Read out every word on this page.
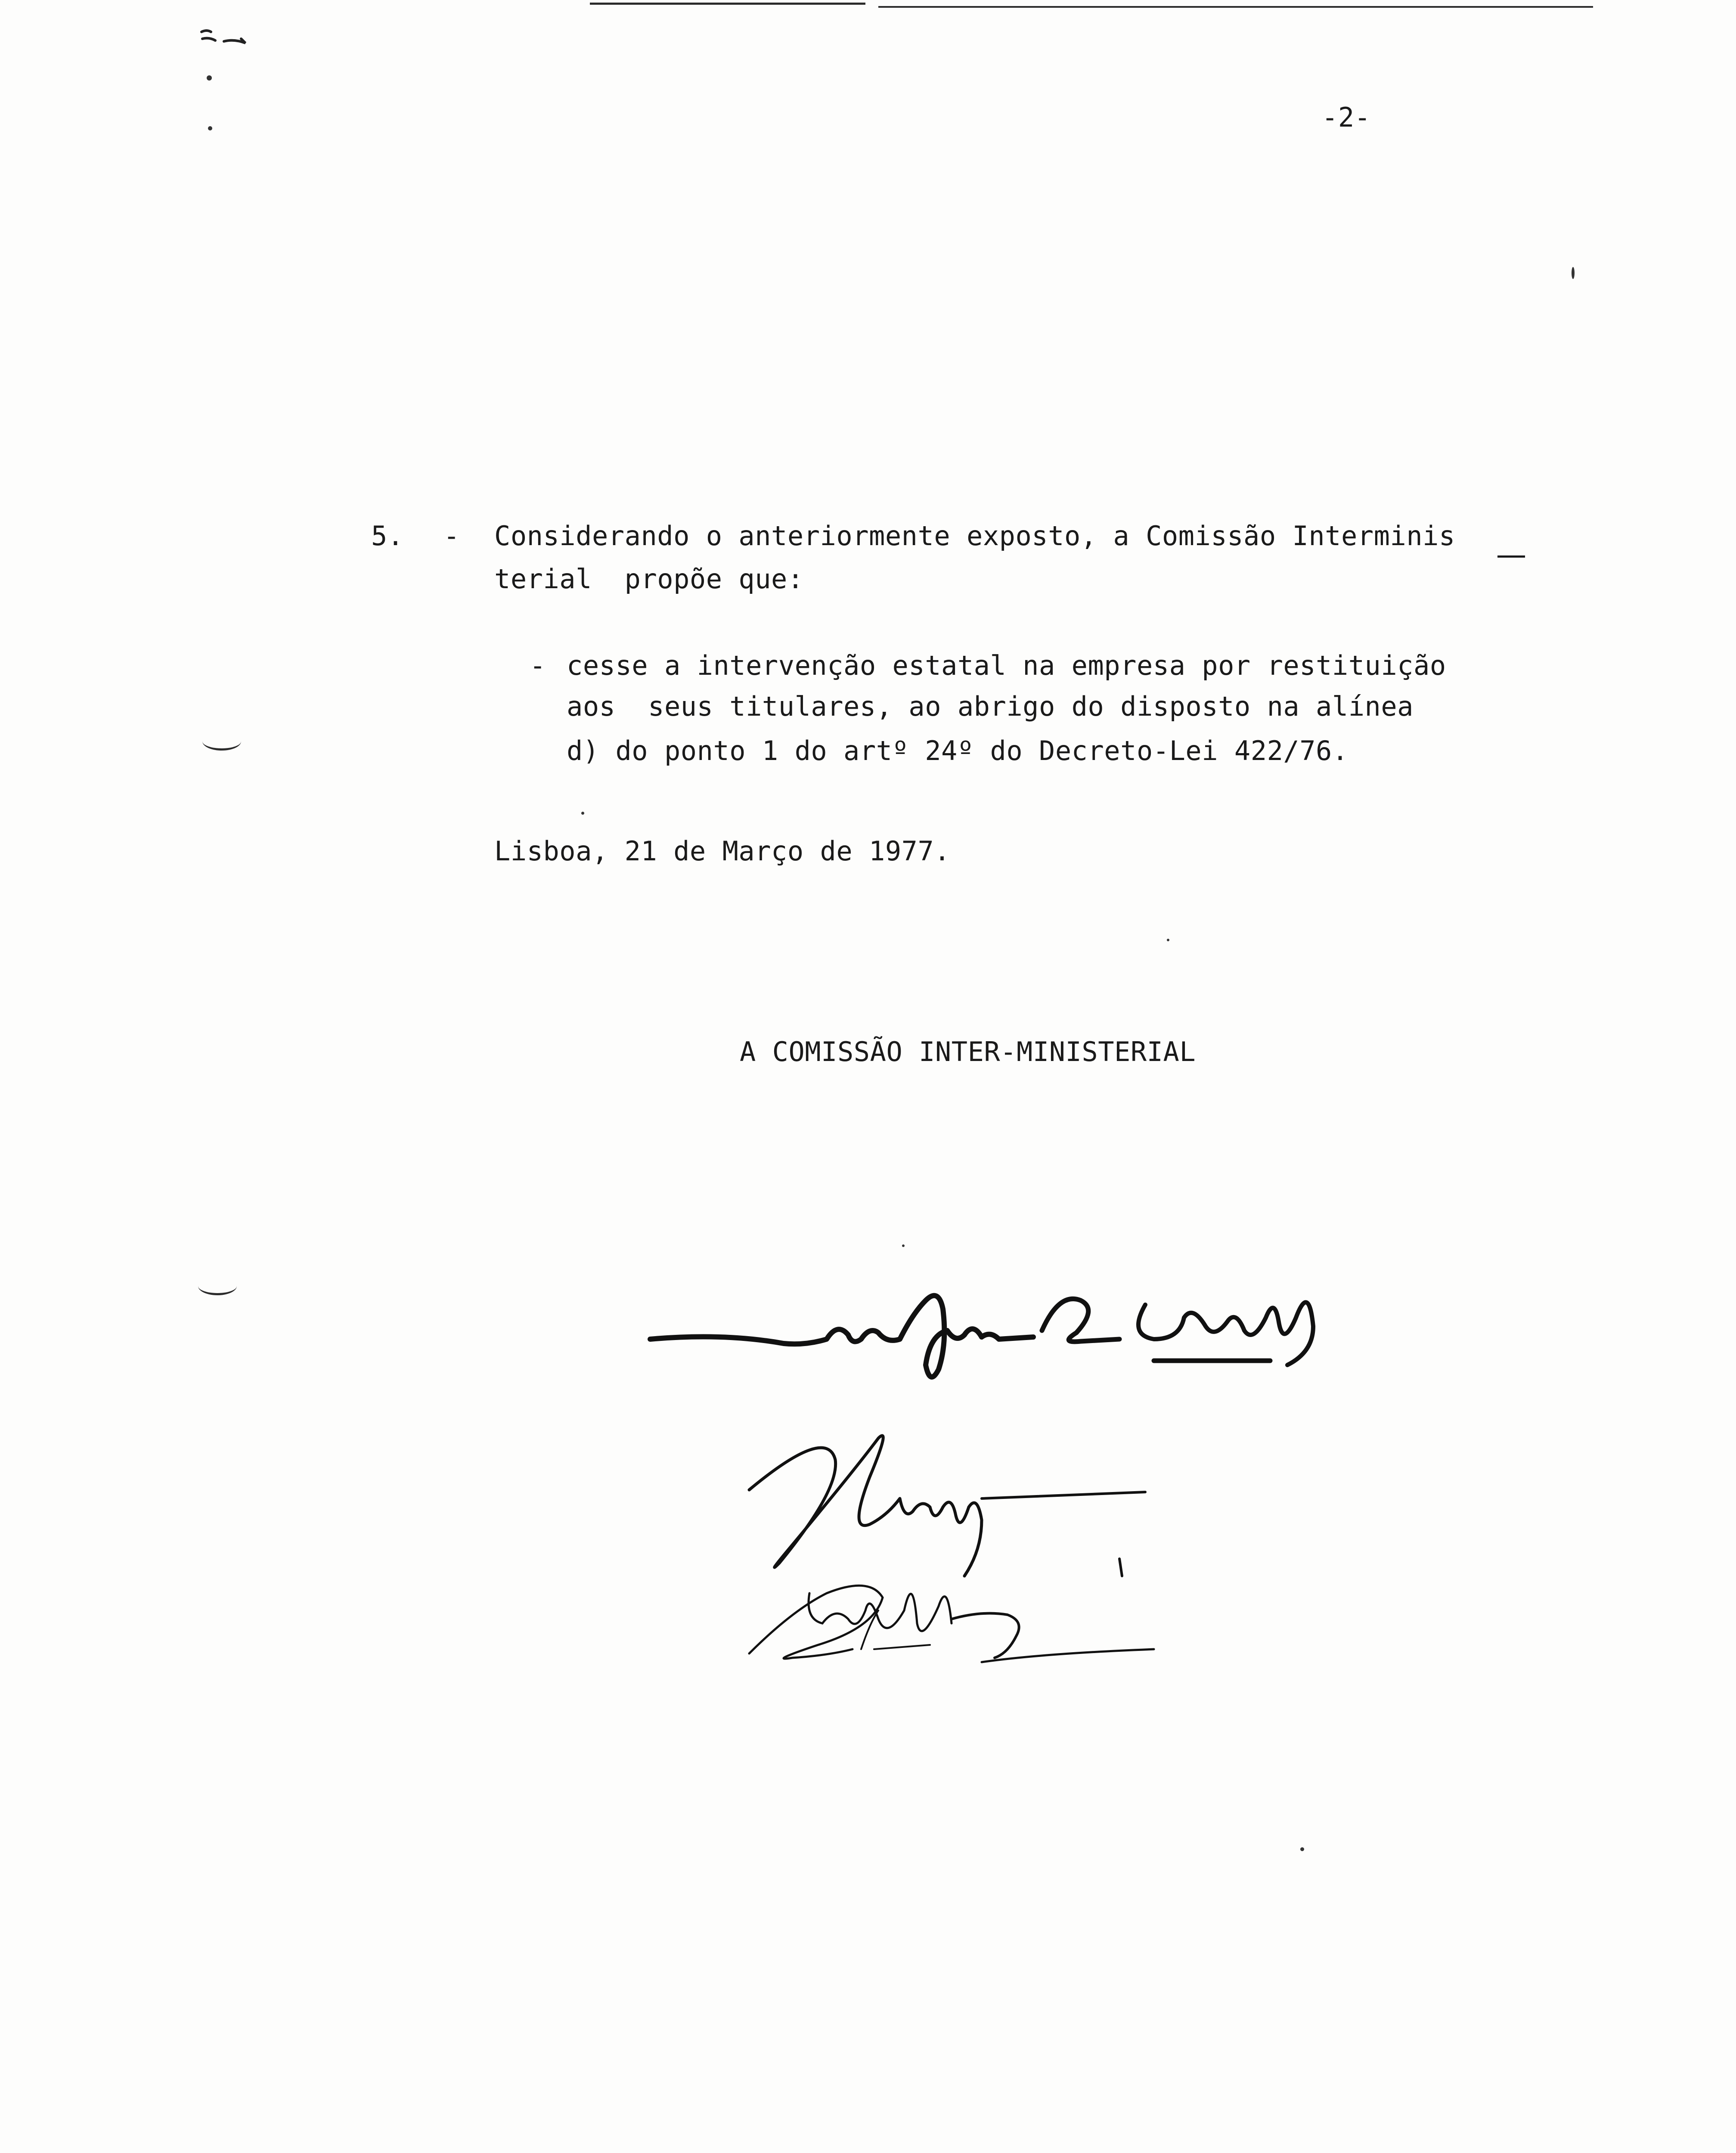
-2-
5. - Considerando o anteriormente exposto, a Comissão Interminis
terial  propõe que:
- cesse a intervenção estatal na empresa por restituição
aos  seus titulares, ao abrigo do disposto na alínea
d) do ponto 1 do artº 24º do Decreto-Lei 422/76.
Lisboa, 21 de Março de 1977.
A COMISSÃO INTER-MINISTERIAL
